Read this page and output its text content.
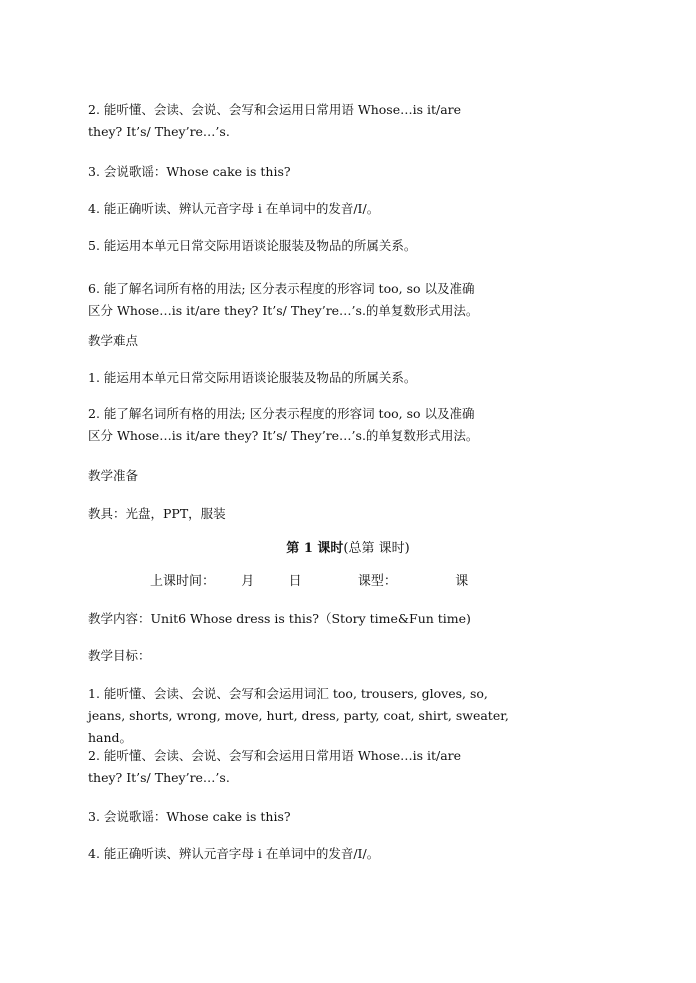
2. 能听懂、会读、会说、会写和会运用日常用语 Whose…is it/are
they? It’s/ They’re…’s.
3. 会说歌谣：Whose cake is this?
4. 能正确听读、辨认元音字母 i 在单词中的发音/I/。
5. 能运用本单元日常交际用语谈论服装及物品的所属关系。
6. 能了解名词所有格的用法; 区分表示程度的形容词 too, so 以及准确
区分 Whose…is it/are they? It’s/ They’re…’s.的单复数形式用法。
教学难点
1. 能运用本单元日常交际用语谈论服装及物品的所属关系。
2. 能了解名词所有格的用法; 区分表示程度的形容词 too, so 以及准确
区分 Whose…is it/are they? It’s/ They’re…’s.的单复数形式用法。
教学准备
教具：光盘，PPT，服装
第 1 课时(总第 课时)
上课时间： 月	日	课型：	课
教学内容：Unit6 Whose dress is this?（Story time&Fun time)
教学目标：
1. 能听懂、会读、会说、会写和会运用词汇 too, trousers, gloves, so,
jeans, shorts, wrong, move, hurt, dress, party, coat, shirt, sweater, hand。
2. 能听懂、会读、会说、会写和会运用日常用语 Whose…is it/are
they? It’s/ They’re…’s.
3. 会说歌谣：Whose cake is this?
4. 能正确听读、辨认元音字母 i 在单词中的发音/I/。
